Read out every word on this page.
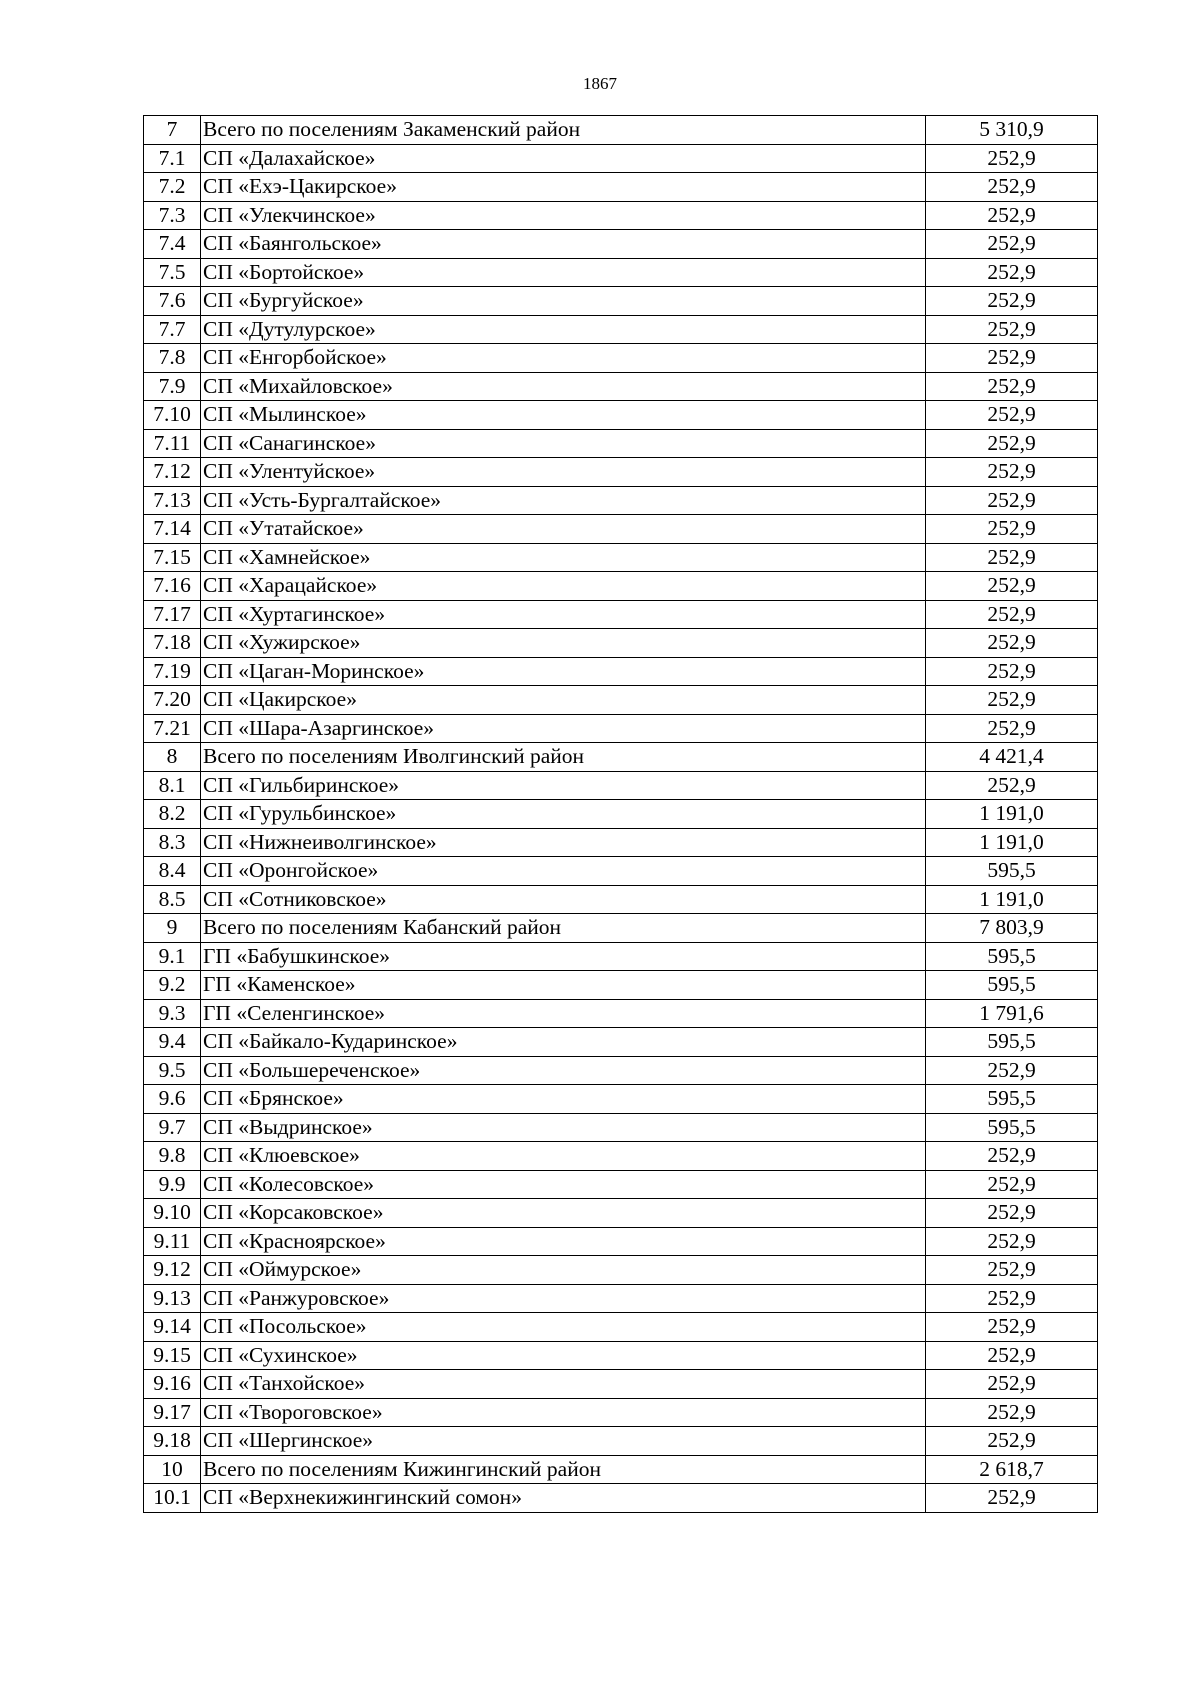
1867
7	Всего по поселениям Закаменский район	5 310,9
7.1	СП «Далахайское»	252,9
7.2	СП «Ехэ-Цакирское»	252,9
7.3	СП «Улекчинское»	252,9
7.4	СП «Баянгольское»	252,9
7.5	СП «Бортойское»	252,9
7.6	СП «Бургуйское»	252,9
7.7	СП «Дутулурское»	252,9
7.8	СП «Енгорбойское»	252,9
7.9	СП «Михайловское»	252,9
7.10	СП «Мылинское»	252,9
7.11	СП «Санагинское»	252,9
7.12	СП «Улентуйское»	252,9
7.13	СП «Усть-Бургалтайское»	252,9
7.14	СП «Утатайское»	252,9
7.15	СП «Хамнейское»	252,9
7.16	СП «Харацайское»	252,9
7.17	СП «Хуртагинское»	252,9
7.18	СП «Хужирское»	252,9
7.19	СП «Цаган-Моринское»	252,9
7.20	СП «Цакирское»	252,9
7.21	СП «Шара-Азаргинское»	252,9
8	Всего по поселениям Иволгинский район	4 421,4
8.1	СП «Гильбиринское»	252,9
8.2	СП «Гурульбинское»	1 191,0
8.3	СП «Нижнеиволгинское»	1 191,0
8.4	СП «Оронгойское»	595,5
8.5	СП «Сотниковское»	1 191,0
9	Всего по поселениям Кабанский район	7 803,9
9.1	ГП «Бабушкинское»	595,5
9.2	ГП «Каменское»	595,5
9.3	ГП «Селенгинское»	1 791,6
9.4	СП «Байкало-Кударинское»	595,5
9.5	СП «Большереченское»	252,9
9.6	СП «Брянское»	595,5
9.7	СП «Выдринское»	595,5
9.8	СП «Клюевское»	252,9
9.9	СП «Колесовское»	252,9
9.10	СП «Корсаковское»	252,9
9.11	СП «Красноярское»	252,9
9.12	СП «Оймурское»	252,9
9.13	СП «Ранжуровское»	252,9
9.14	СП «Посольское»	252,9
9.15	СП «Сухинское»	252,9
9.16	СП «Танхойское»	252,9
9.17	СП «Твороговское»	252,9
9.18	СП «Шергинское»	252,9
10	Всего по поселениям Кижингинский район	2 618,7
10.1	СП «Верхнекижингинский сомон»	252,9
